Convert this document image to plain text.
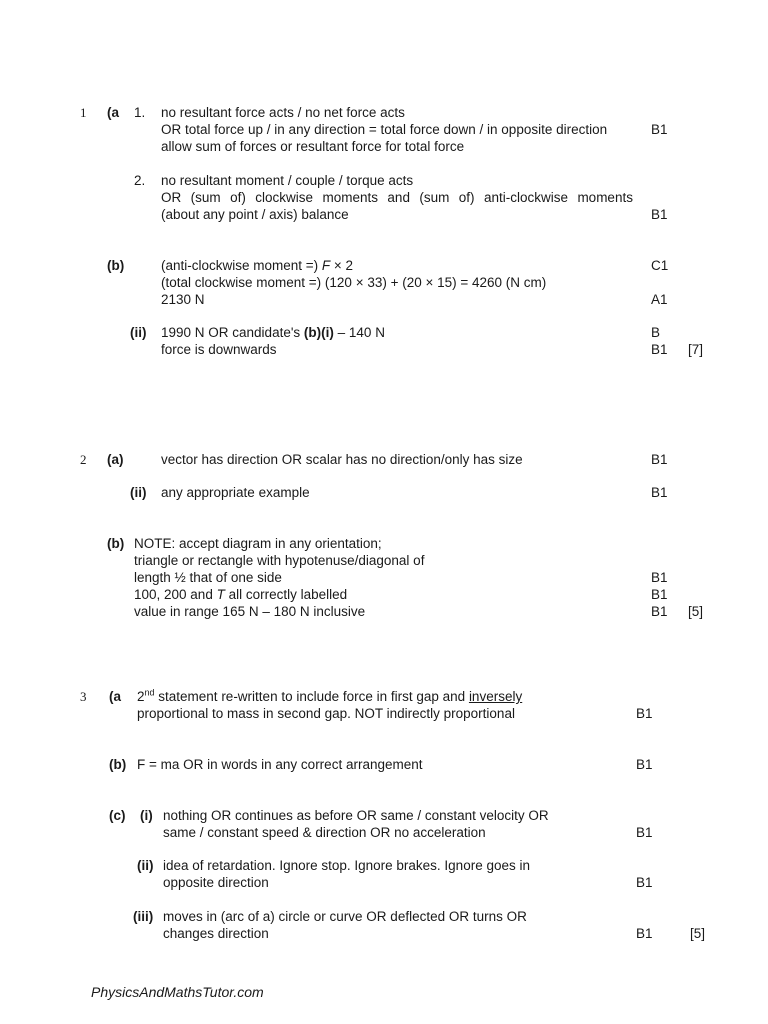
1 (a 1. no resultant force acts / no net force acts
OR total force up / in any direction = total force down / in opposite direction
allow sum of forces or resultant force for total force
B1
2. no resultant moment / couple / torque acts
OR (sum of) clockwise moments and (sum of) anti-clockwise moments
(about any point / axis) balance	B1
(b)	(anti-clockwise moment =) F × 2	C1
(total clockwise moment =) (120 × 33) + (20 × 15) = 4260 (N cm)
2130 N	A1
(ii) 1990 N OR candidate's (b)(i) – 140 N	B
force is downwards	B1 [7]
2 (a)	vector has direction OR scalar has no direction/only has size	B1
(ii) any appropriate example	B1
(b) NOTE: accept diagram in any orientation;
triangle or rectangle with hypotenuse/diagonal of
length ½ that of one side	B1
100, 200 and T all correctly labelled	B1
value in range 165 N – 180 N inclusive	B1 [5]
3 (a 2nd statement re-written to include force in first gap and inversely
proportional to mass in second gap. NOT indirectly proportional	B1
(b) F = ma OR in words in any correct arrangement	B1
(c) (i) nothing OR continues as before OR same / constant velocity OR
same / constant speed & direction OR no acceleration	B1
(ii) idea of retardation. Ignore stop. Ignore brakes. Ignore goes in
opposite direction	B1
(iii) moves in (arc of a) circle or curve OR deflected OR turns OR
changes direction	B1	[5]
PhysicsAndMathsTutor.com
